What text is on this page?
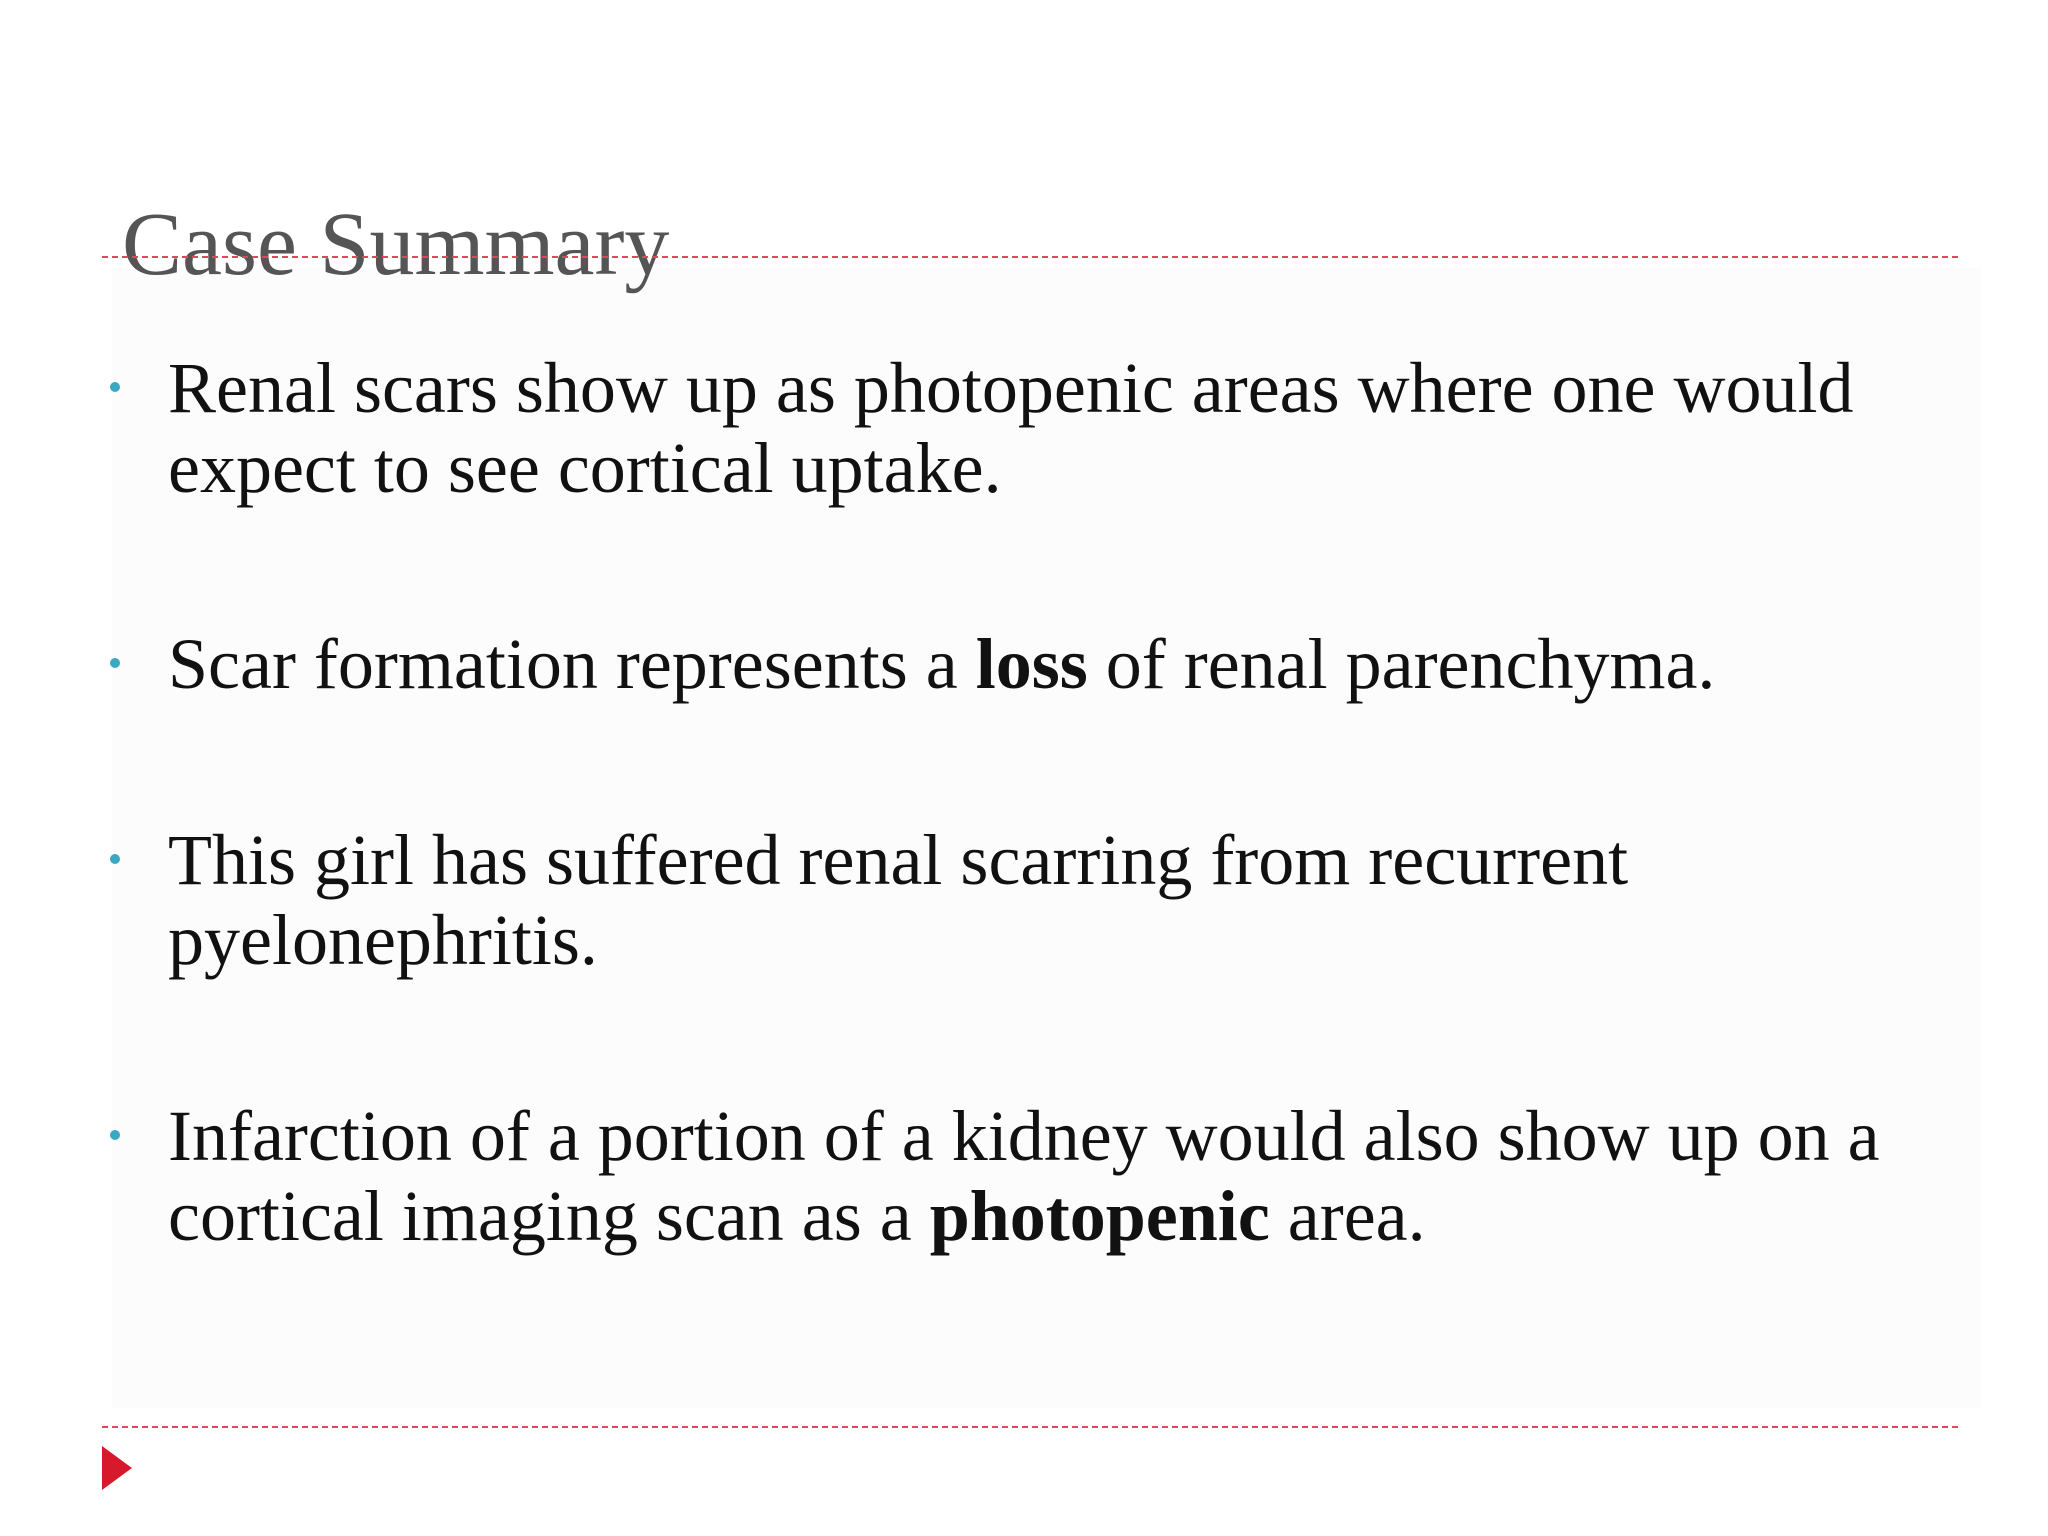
Case Summary
Renal scars show up as photopenic areas where one would expect to see cortical uptake.
Scar formation represents a loss of renal parenchyma.
This girl has suffered renal scarring from recurrent pyelonephritis.
Infarction of a portion of a kidney would also show up on a cortical imaging scan as a photopenic area.
